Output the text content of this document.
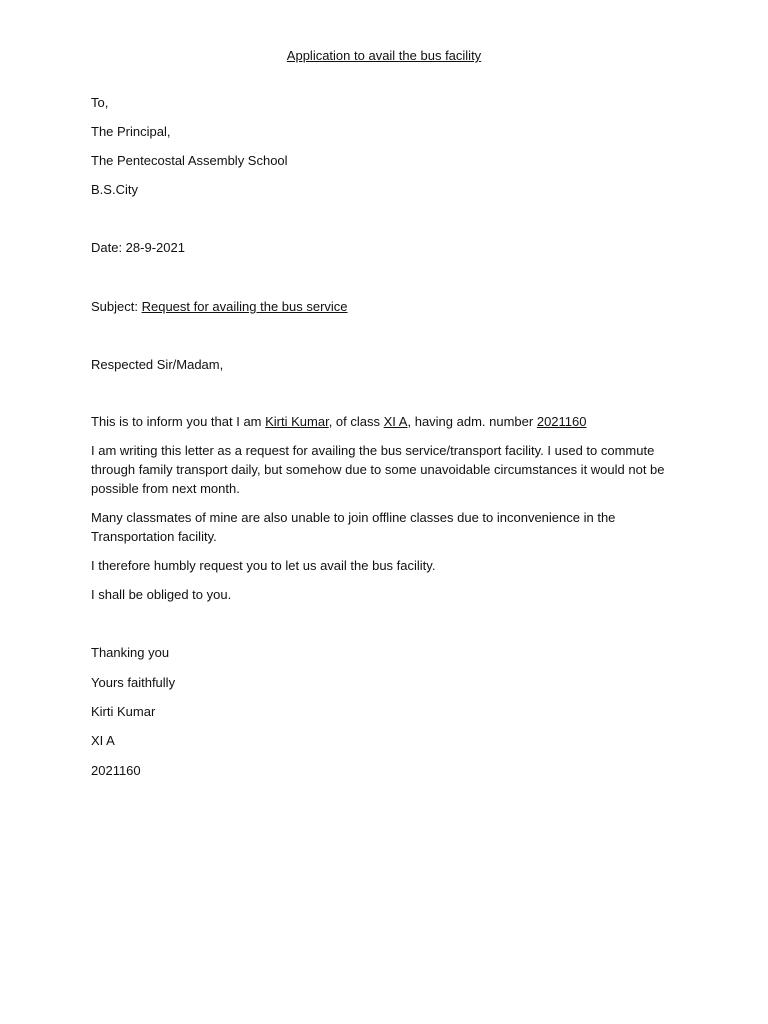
Application to avail the bus facility

To,

The Principal,

The Pentecostal Assembly School

B.S.City

Date: 28-9-2021

Subject: Request for availing the bus service

Respected Sir/Madam,

This is to inform you that I am Kirti Kumar, of class XI A, having adm. number 2021160

I am writing this letter as a request for availing the bus service/transport facility. I used to commute

through family transport daily, but somehow due to some unavoidable circumstances it would not be

possible from next month.

Many classmates of mine are also unable to join offline classes due to inconvenience in the

Transportation facility.

I therefore humbly request you to let us avail the bus facility.

I shall be obliged to you.

Thanking you

Yours faithfully

Kirti Kumar

XI A

2021160
